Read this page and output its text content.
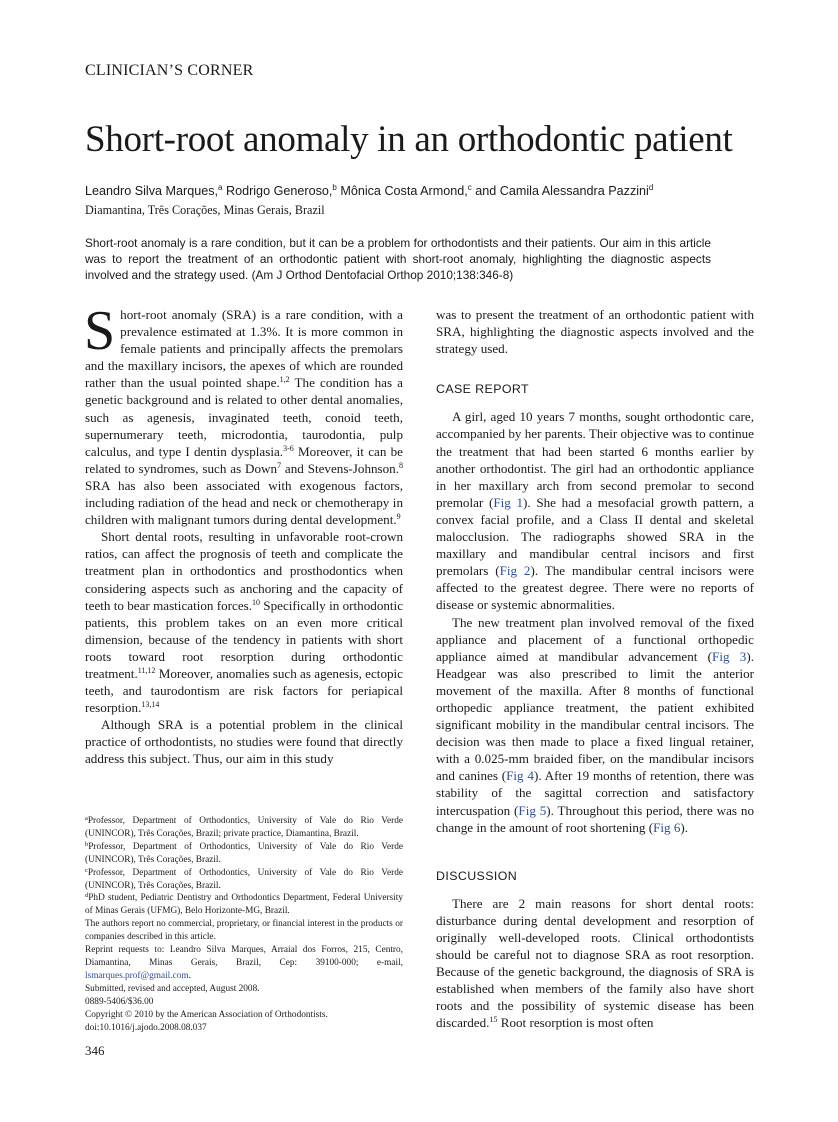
CLINICIAN’S CORNER
Short-root anomaly in an orthodontic patient
Leandro Silva Marques,$^a$ Rodrigo Generoso,$^b$ Mônica Costa Armond,$^c$ and Camila Alessandra Pazzini$^d$
Diamantina, Três Corações, Minas Gerais, Brazil

Short-root anomaly is a rare condition, but it can be a problem for orthodontists and their patients. Our aim in this article was to report the treatment of an orthodontic patient with short-root anomaly, highlighting the diagnostic aspects involved and the strategy used. (Am J Orthod Dentofacial Orthop 2010;138:346-8)

Short-root anomaly (SRA) is a rare condition, with a prevalence estimated at 1.3%. It is more common in female patients and principally affects the premolars and the maxillary incisors, the apexes of which are rounded rather than the usual pointed shape.$^{1,2}$ The condition has a genetic background and is related to other dental anomalies, such as agenesis, invaginated teeth, conoid teeth, supernumerary teeth, microdontia, taurodontia, pulp calculus, and type I dentin dysplasia.$^{3-6}$ Moreover, it can be related to syndromes, such as Down$^7$ and Stevens-Johnson.$^8$ SRA has also been associated with exogenous factors, including radiation of the head and neck or chemotherapy in children with malignant tumors during dental development.$^9$

Short dental roots, resulting in unfavorable root-crown ratios, can affect the prognosis of teeth and complicate the treatment plan in orthodontics and prosthodontics when considering aspects such as anchoring and the capacity of teeth to bear mastication forces.$^{10}$ Specifically in orthodontic patients, this problem takes on an even more critical dimension, because of the tendency in patients with short roots toward root resorption during orthodontic treatment.$^{11,12}$ Moreover, anomalies such as agenesis, ectopic teeth, and taurodontism are risk factors for periapical resorption.$^{13,14}$

Although SRA is a potential problem in the clinical practice of orthodontists, no studies were found that directly address this subject. Thus, our aim in this study

was to present the treatment of an orthodontic patient with SRA, highlighting the diagnostic aspects involved and the strategy used.

CASE REPORT

A girl, aged 10 years 7 months, sought orthodontic care, accompanied by her parents. Their objective was to continue the treatment that had been started 6 months earlier by another orthodontist. The girl had an orthodontic appliance in her maxillary arch from second premolar to second premolar (Fig 1). She had a mesofacial growth pattern, a convex facial profile, and a Class II dental and skeletal malocclusion. The radiographs showed SRA in the maxillary and mandibular central incisors and first premolars (Fig 2). The mandibular central incisors were affected to the greatest degree. There were no reports of disease or systemic abnormalities.

The new treatment plan involved removal of the fixed appliance and placement of a functional orthopedic appliance aimed at mandibular advancement (Fig 3). Headgear was also prescribed to limit the anterior movement of the maxilla. After 8 months of functional orthopedic appliance treatment, the patient exhibited significant mobility in the mandibular central incisors. The decision was then made to place a fixed lingual retainer, with a 0.025-mm braided fiber, on the mandibular incisors and canines (Fig 4). After 19 months of retention, there was stability of the sagittal correction and satisfactory intercuspation (Fig 5). Throughout this period, there was no change in the amount of root shortening (Fig 6).

DISCUSSION

There are 2 main reasons for short dental roots: disturbance during dental development and resorption of originally well-developed roots. Clinical orthodontists should be careful not to diagnose SRA as root resorption. Because of the genetic background, the diagnosis of SRA is established when members of the family also have short roots and the possibility of systemic disease has been discarded.$^{15}$ Root resorption is most often

$^a$Professor, Department of Orthodontics, University of Vale do Rio Verde (UNINCOR), Três Corações, Brazil; private practice, Diamantina, Brazil.

$^b$Professor, Department of Orthodontics, University of Vale do Rio Verde (UNINCOR), Três Corações, Brazil.

$^c$Professor, Department of Orthodontics, University of Vale do Rio Verde (UNINCOR), Três Corações, Brazil.

$^d$PhD student, Pediatric Dentistry and Orthodontics Department, Federal University of Minas Gerais (UFMG), Belo Horizonte-MG, Brazil.

The authors report no commercial, proprietary, or financial interest in the products or companies described in this article.

Reprint requests to: Leandro Silva Marques, Arraial dos Forros, 215, Centro, Diamantina, Minas Gerais, Brazil, Cep: 39100-000; e-mail, lsmarques.prof@gmail.com.

Submitted, revised and accepted, August 2008.

0889-5406/$36.00

Copyright © 2010 by the American Association of Orthodontists.

doi:10.1016/j.ajodo.2008.08.037

346
